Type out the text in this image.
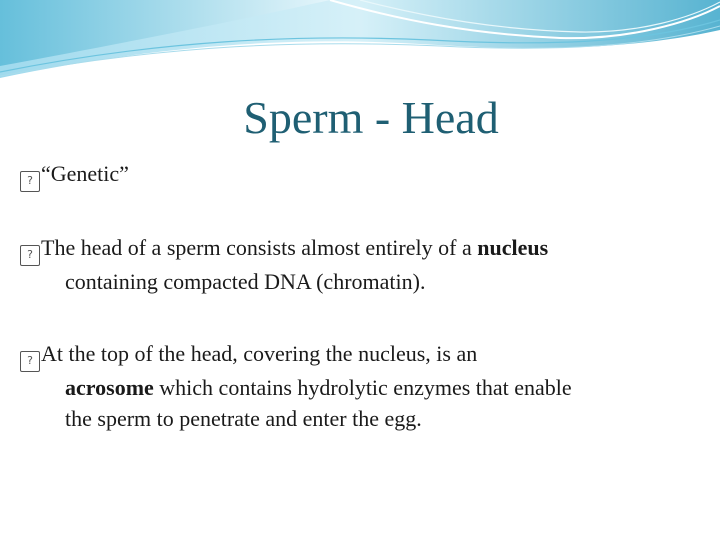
Sperm - Head
? “Genetic”
? The head of a sperm consists almost entirely of a nucleus
containing compacted DNA (chromatin).
? At the top of the head, covering the nucleus, is an
acrosome which contains hydrolytic enzymes that enable
the sperm to penetrate and enter the egg.
